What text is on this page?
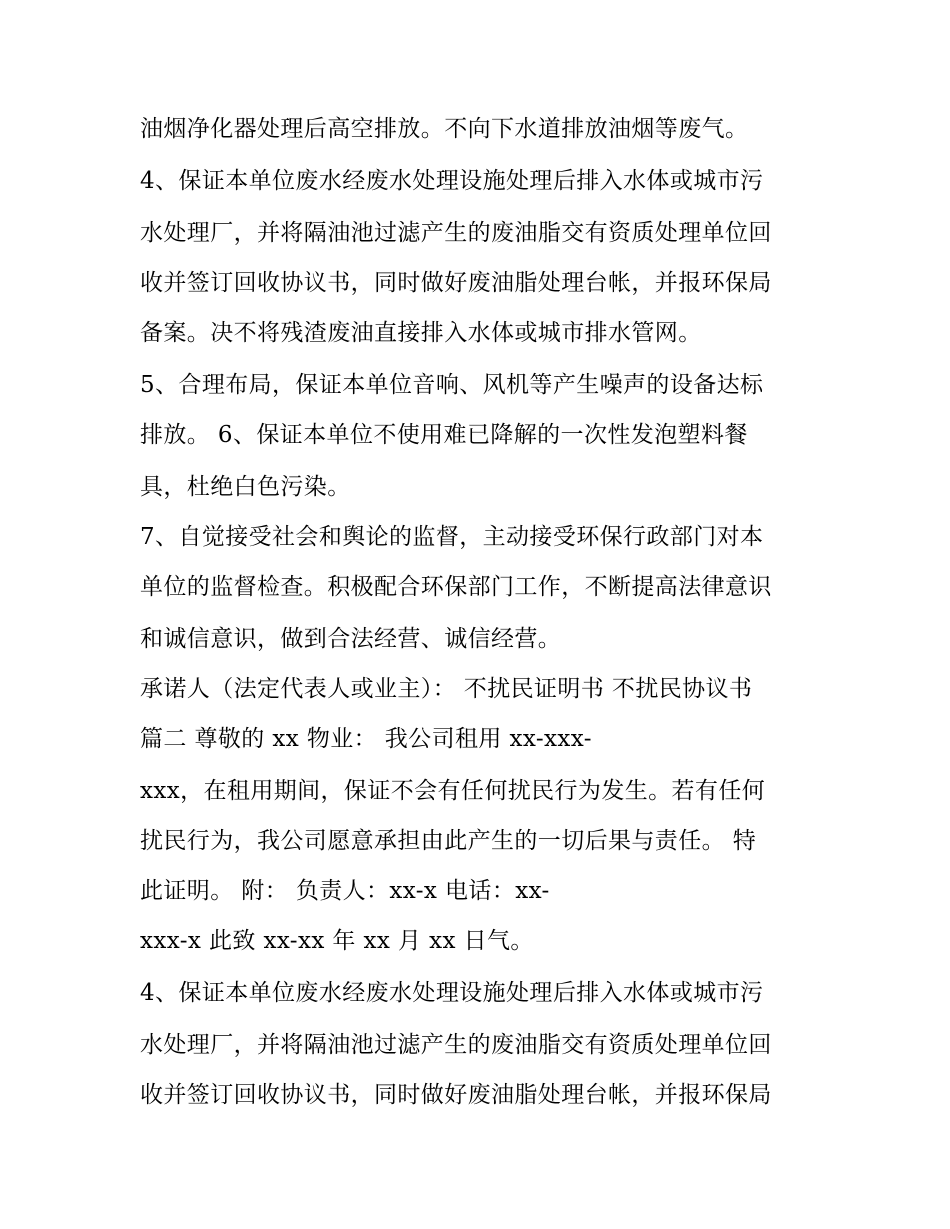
油烟净化器处理后高空排放。不向下水道排放油烟等废气。
4、保证本单位废水经废水处理设施处理后排入水体或城市污
水处理厂，并将隔油池过滤产生的废油脂交有资质处理单位回
收并签订回收协议书，同时做好废油脂处理台帐，并报环保局
备案。决不将残渣废油直接排入水体或城市排水管网。
5、合理布局，保证本单位音响、风机等产生噪声的设备达标
排放。 6、保证本单位不使用难已降解的一次性发泡塑料餐
具，杜绝白色污染。
7、自觉接受社会和舆论的监督，主动接受环保行政部门对本
单位的监督检查。积极配合环保部门工作，不断提高法律意识
和诚信意识，做到合法经营、诚信经营。
承诺人（法定代表人或业主）： 不扰民证明书 不扰民协议书
篇二 尊敬的 xx 物业： 我公司租用 xx-xxx-
xxx，在租用期间，保证不会有任何扰民行为发生。若有任何
扰民行为，我公司愿意承担由此产生的一切后果与责任。 特
此证明。 附： 负责人：xx-x 电话：xx-
xxx-x 此致 xx-xx 年 xx 月 xx 日气。
4、保证本单位废水经废水处理设施处理后排入水体或城市污
水处理厂，并将隔油池过滤产生的废油脂交有资质处理单位回
收并签订回收协议书，同时做好废油脂处理台帐，并报环保局
